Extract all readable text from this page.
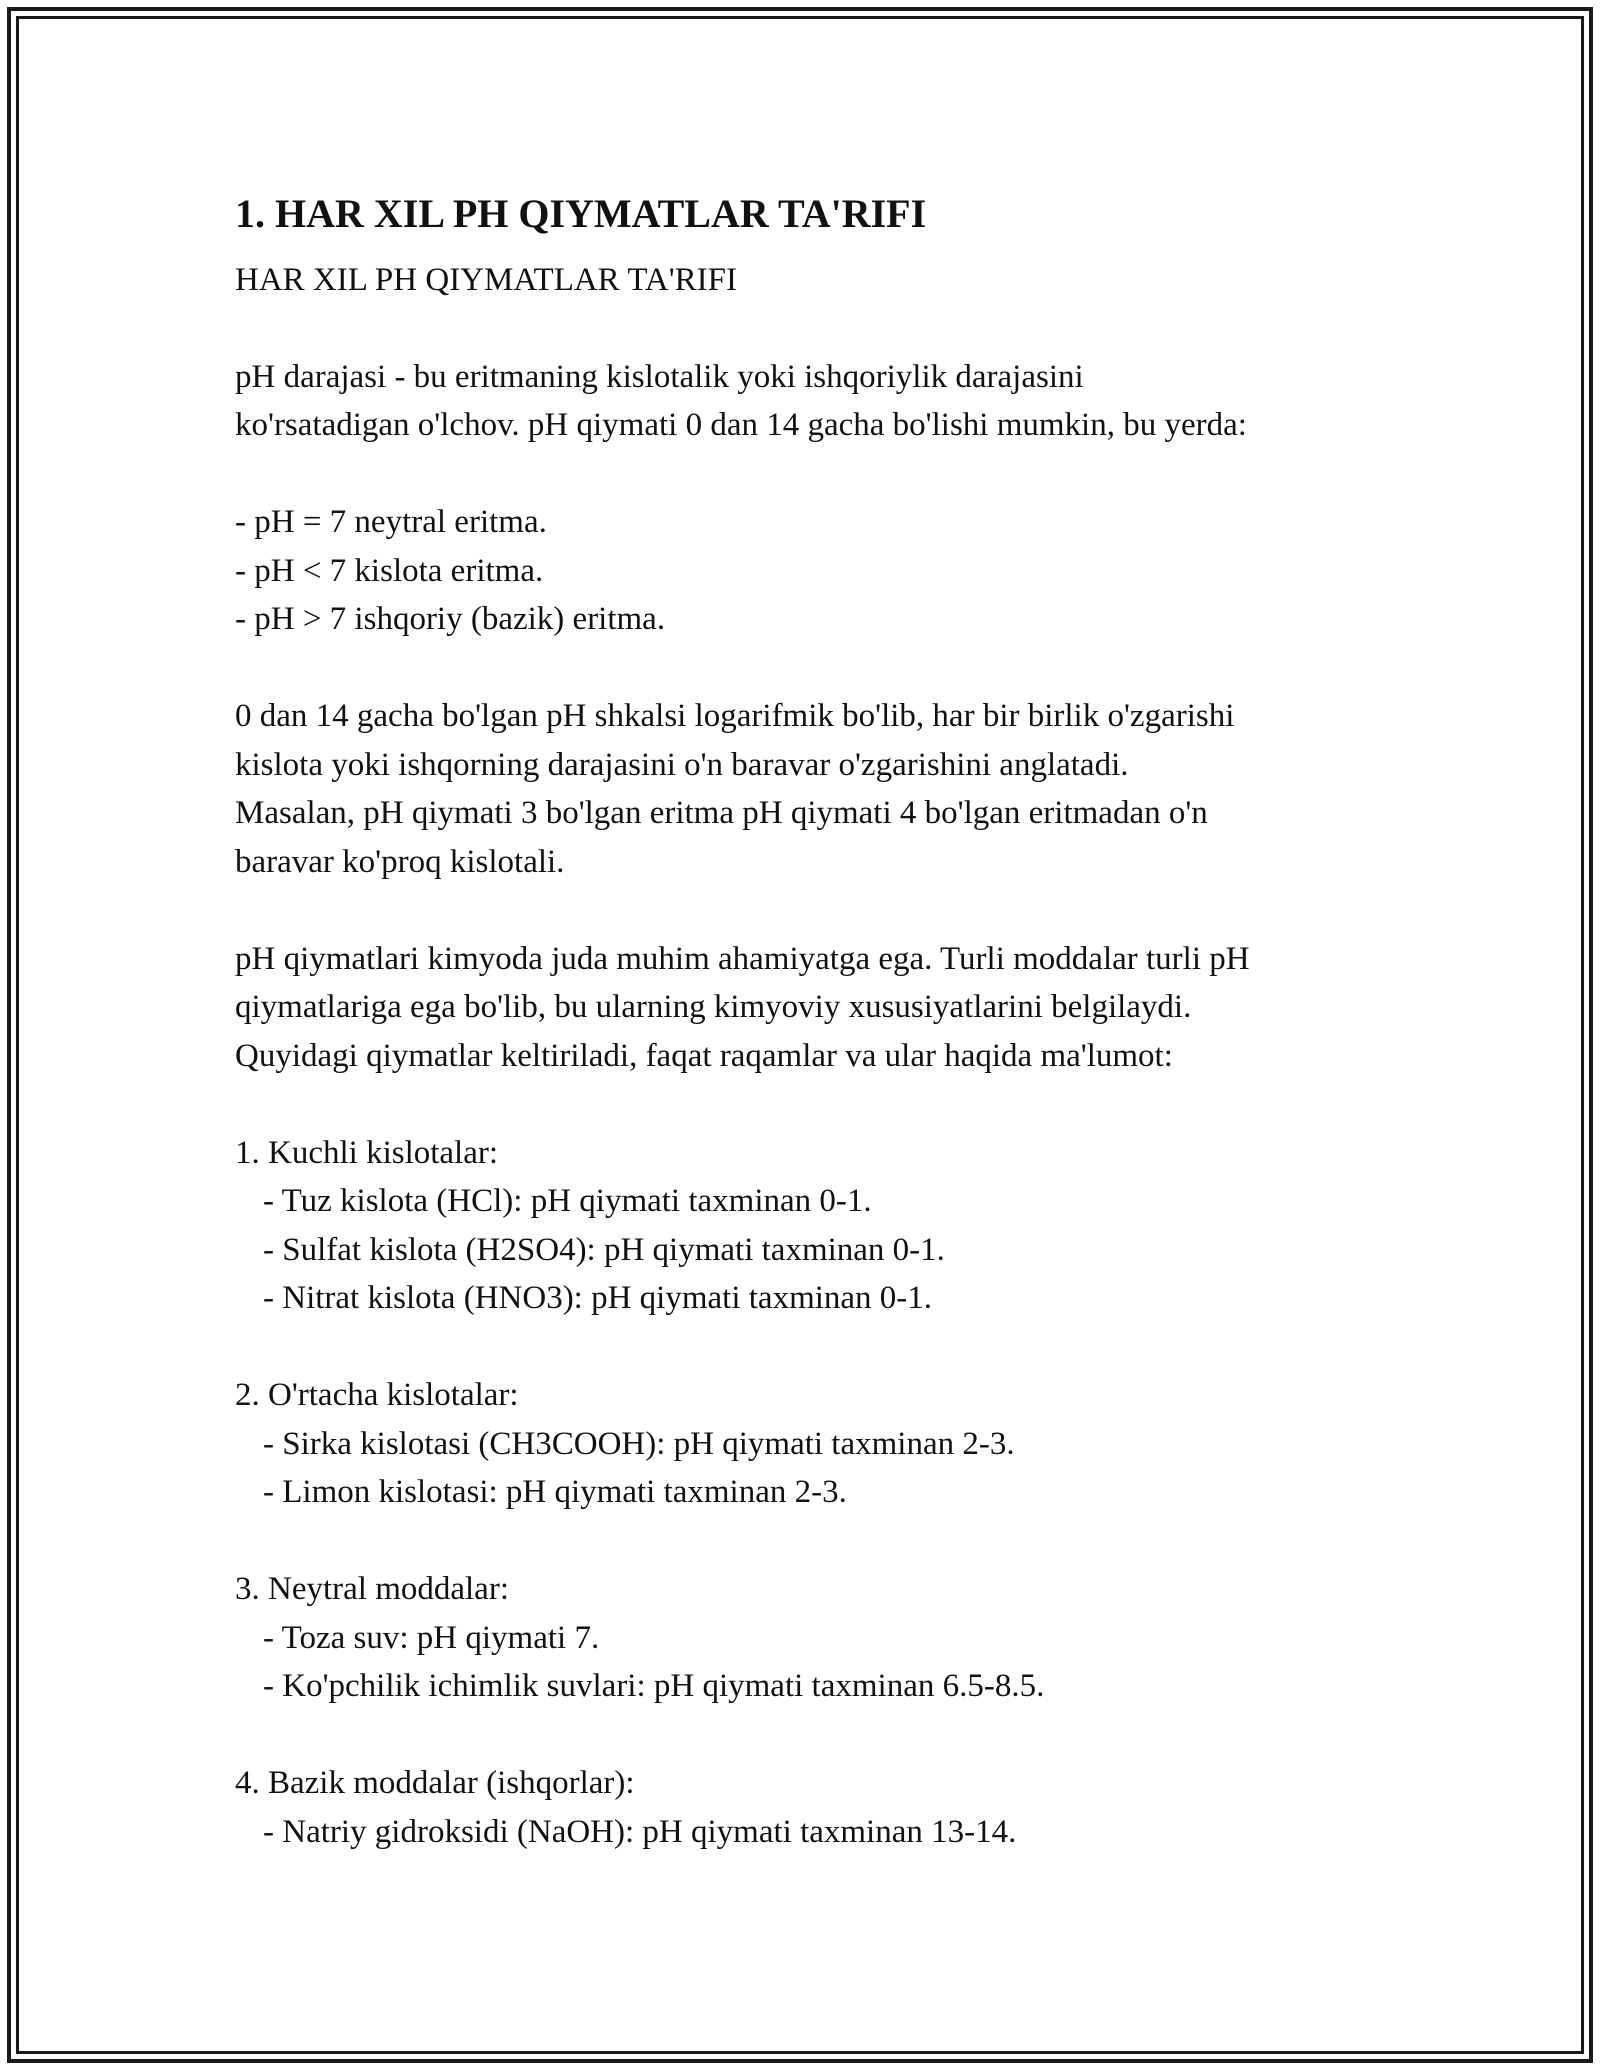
1. HAR XIL PH QIYMATLAR TA'RIFI

HAR XIL PH QIYMATLAR TA'RIFI

pH darajasi - bu eritmaning kislotalik yoki ishqoriylik darajasini
ko'rsatadigan o'lchov. pH qiymati 0 dan 14 gacha bo'lishi mumkin, bu yerda:

- pH = 7 neytral eritma.
- pH < 7 kislota eritma.
- pH > 7 ishqoriy (bazik) eritma.

0 dan 14 gacha bo'lgan pH shkalsi logarifmik bo'lib, har bir birlik o'zgarishi
kislota yoki ishqorning darajasini o'n baravar o'zgarishini anglatadi.
Masalan, pH qiymati 3 bo'lgan eritma pH qiymati 4 bo'lgan eritmadan o'n
baravar ko'proq kislotali.

pH qiymatlari kimyoda juda muhim ahamiyatga ega. Turli moddalar turli pH
qiymatlariga ega bo'lib, bu ularning kimyoviy xususiyatlarini belgilaydi.
Quyidagi qiymatlar keltiriladi, faqat raqamlar va ular haqida ma'lumot:

1. Kuchli kislotalar:

- Tuz kislota (HCl): pH qiymati taxminan 0-1.

- Sulfat kislota (H2SO4): pH qiymati taxminan 0-1.

- Nitrat kislota (HNO3): pH qiymati taxminan 0-1.

2. O'rtacha kislotalar:

- Sirka kislotasi (CH3COOH): pH qiymati taxminan 2-3.

- Limon kislotasi: pH qiymati taxminan 2-3.

3. Neytral moddalar:

- Toza suv: pH qiymati 7.

- Ko'pchilik ichimlik suvlari: pH qiymati taxminan 6.5-8.5.

4. Bazik moddalar (ishqorlar):

- Natriy gidroksidi (NaOH): pH qiymati taxminan 13-14.
